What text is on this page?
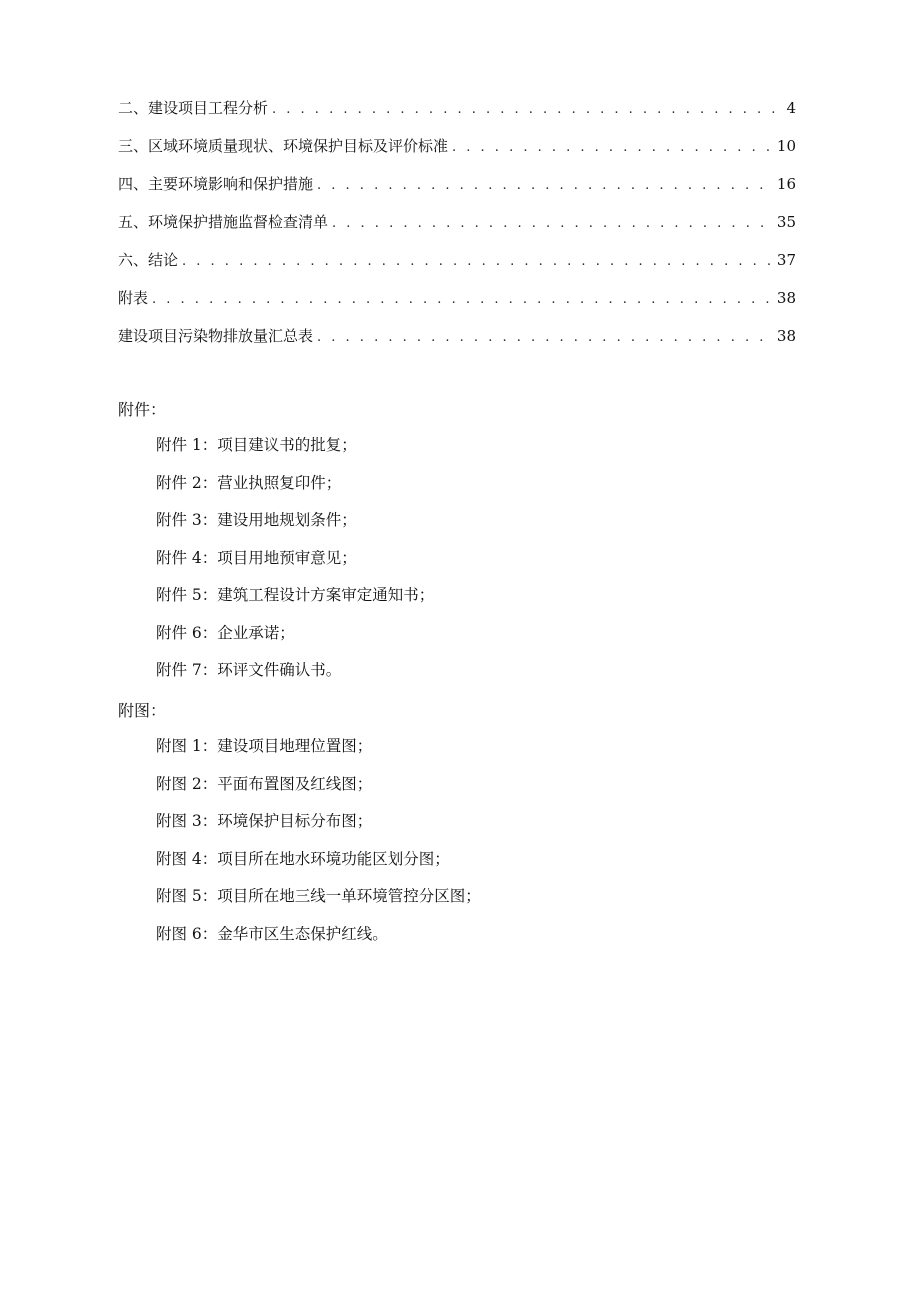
二、建设项目工程分析 . . .	4
三、区域环境质量现状、环境保护目标及评价标准 . . .	10
四、主要环境影响和保护措施 . . .	16
五、环境保护措施监督检查清单 . . .	35
六、结论 . . .	37
附表 . . .	38
建设项目污染物排放量汇总表 . . .	38
附件：
附件 1：项目建议书的批复；
附件 2：营业执照复印件；
附件 3：建设用地规划条件；
附件 4：项目用地预审意见；
附件 5：建筑工程设计方案审定通知书；
附件 6：企业承诺；
附件 7：环评文件确认书。
附图：
附图 1：建设项目地理位置图；
附图 2：平面布置图及红线图；
附图 3：环境保护目标分布图；
附图 4：项目所在地水环境功能区划分图；
附图 5：项目所在地三线一单环境管控分区图；
附图 6：金华市区生态保护红线。
